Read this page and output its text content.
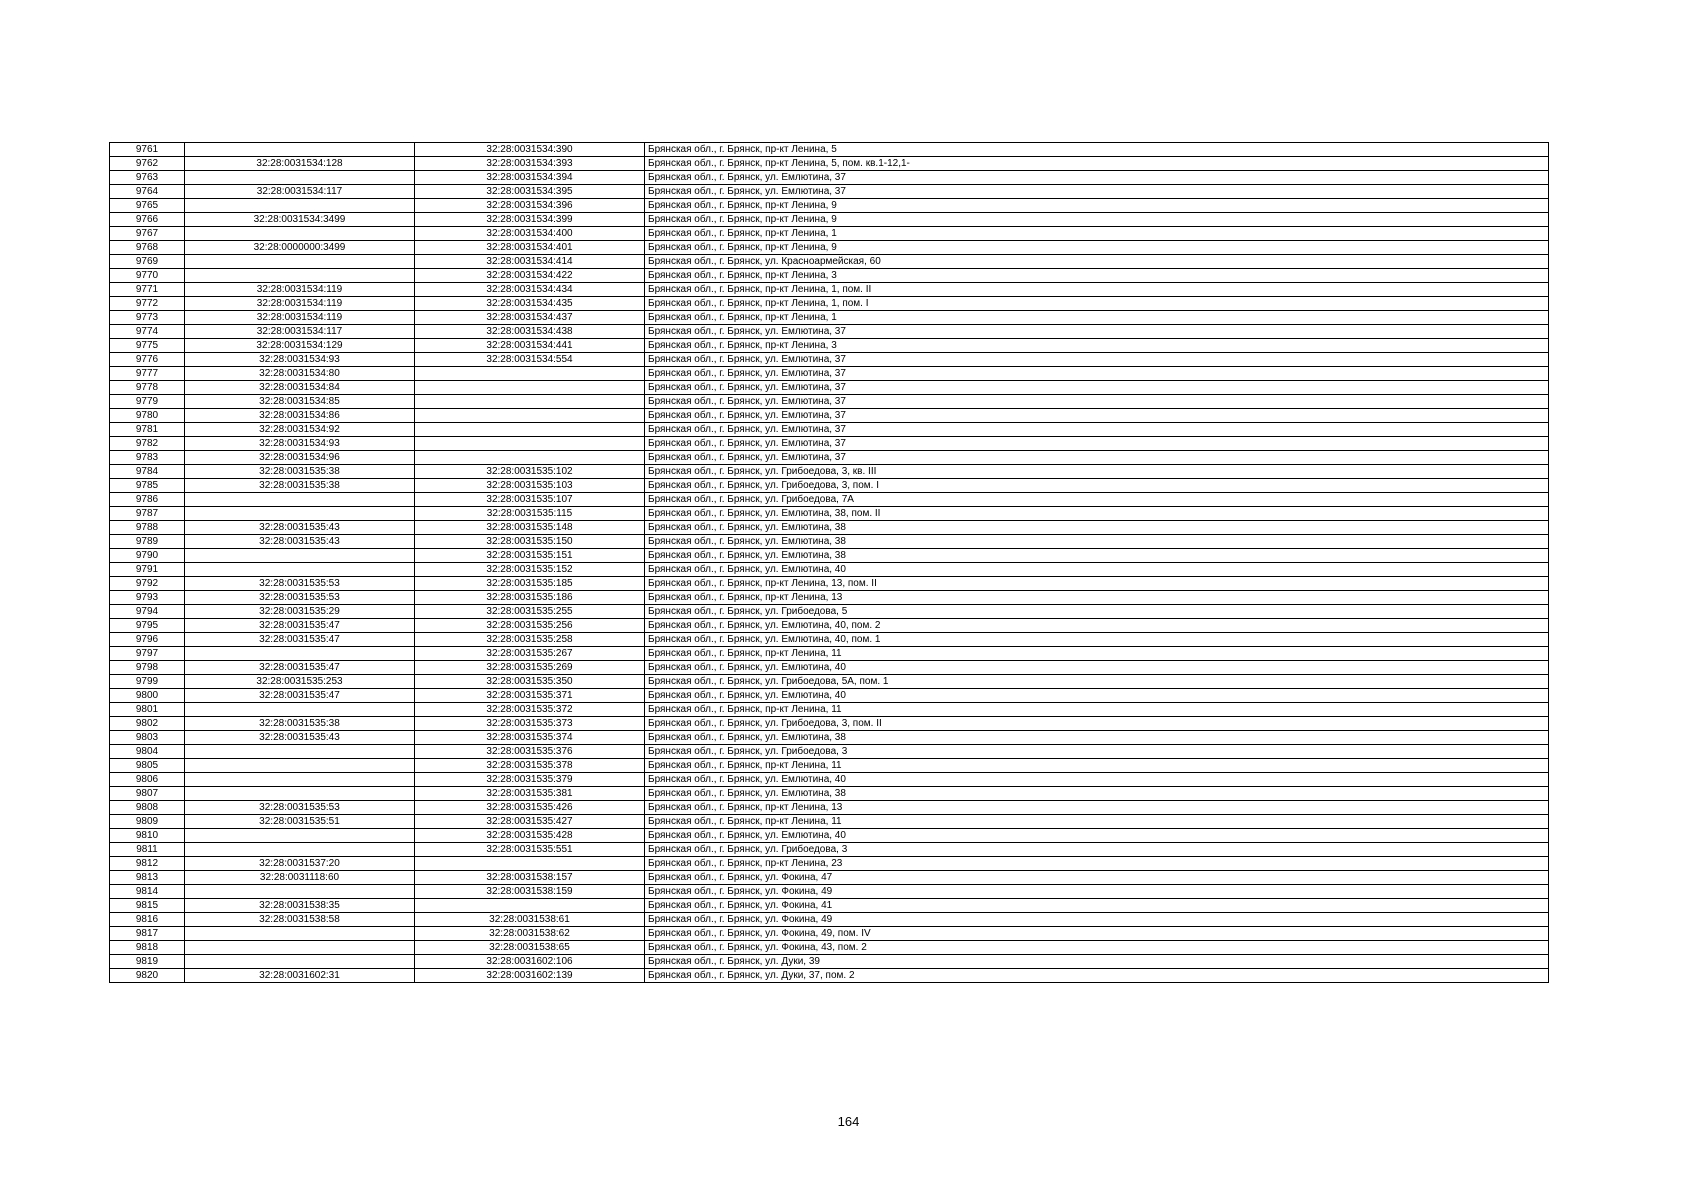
9761		32:28:0031534:390	Брянская обл., г. Брянск, пр-кт Ленина, 5
9762	32:28:0031534:128	32:28:0031534:393	Брянская обл., г. Брянск, пр-кт Ленина, 5, пом. кв.1-12,1-
9763		32:28:0031534:394	Брянская обл., г. Брянск, ул. Емлютина, 37
9764	32:28:0031534:117	32:28:0031534:395	Брянская обл., г. Брянск, ул. Емлютина, 37
9765		32:28:0031534:396	Брянская обл., г. Брянск, пр-кт Ленина, 9
9766	32:28:0031534:3499	32:28:0031534:399	Брянская обл., г. Брянск, пр-кт Ленина, 9
9767		32:28:0031534:400	Брянская обл., г. Брянск, пр-кт Ленина, 1
9768	32:28:0000000:3499	32:28:0031534:401	Брянская обл., г. Брянск, пр-кт Ленина, 9
9769		32:28:0031534:414	Брянская обл., г. Брянск, ул. Красноармейская, 60
9770		32:28:0031534:422	Брянская обл., г. Брянск, пр-кт Ленина, 3
9771	32:28:0031534:119	32:28:0031534:434	Брянская обл., г. Брянск, пр-кт Ленина, 1, пом. II
9772	32:28:0031534:119	32:28:0031534:435	Брянская обл., г. Брянск, пр-кт Ленина, 1, пом. I
9773	32:28:0031534:119	32:28:0031534:437	Брянская обл., г. Брянск, пр-кт Ленина, 1
9774	32:28:0031534:117	32:28:0031534:438	Брянская обл., г. Брянск, ул. Емлютина, 37
9775	32:28:0031534:129	32:28:0031534:441	Брянская обл., г. Брянск, пр-кт Ленина, 3
9776	32:28:0031534:93	32:28:0031534:554	Брянская обл., г. Брянск, ул. Емлютина, 37
9777	32:28:0031534:80		Брянская обл., г. Брянск, ул. Емлютина, 37
9778	32:28:0031534:84		Брянская обл., г. Брянск, ул. Емлютина, 37
9779	32:28:0031534:85		Брянская обл., г. Брянск, ул. Емлютина, 37
9780	32:28:0031534:86		Брянская обл., г. Брянск, ул. Емлютина, 37
9781	32:28:0031534:92		Брянская обл., г. Брянск, ул. Емлютина, 37
9782	32:28:0031534:93		Брянская обл., г. Брянск, ул. Емлютина, 37
9783	32:28:0031534:96		Брянская обл., г. Брянск, ул. Емлютина, 37
9784	32:28:0031535:38	32:28:0031535:102	Брянская обл., г. Брянск, ул. Грибоедова, 3, кв. III
9785	32:28:0031535:38	32:28:0031535:103	Брянская обл., г. Брянск, ул. Грибоедова, 3, пом. I
9786		32:28:0031535:107	Брянская обл., г. Брянск, ул. Грибоедова, 7А
9787		32:28:0031535:115	Брянская обл., г. Брянск, ул. Емлютина, 38, пом. II
9788	32:28:0031535:43	32:28:0031535:148	Брянская обл., г. Брянск, ул. Емлютина, 38
9789	32:28:0031535:43	32:28:0031535:150	Брянская обл., г. Брянск, ул. Емлютина, 38
9790		32:28:0031535:151	Брянская обл., г. Брянск, ул. Емлютина, 38
9791		32:28:0031535:152	Брянская обл., г. Брянск, ул. Емлютина, 40
9792	32:28:0031535:53	32:28:0031535:185	Брянская обл., г. Брянск, пр-кт Ленина, 13, пом. II
9793	32:28:0031535:53	32:28:0031535:186	Брянская обл., г. Брянск, пр-кт Ленина, 13
9794	32:28:0031535:29	32:28:0031535:255	Брянская обл., г. Брянск, ул. Грибоедова, 5
9795	32:28:0031535:47	32:28:0031535:256	Брянская обл., г. Брянск, ул. Емлютина, 40, пом. 2
9796	32:28:0031535:47	32:28:0031535:258	Брянская обл., г. Брянск, ул. Емлютина, 40, пом. 1
9797		32:28:0031535:267	Брянская обл., г. Брянск, пр-кт Ленина, 11
9798	32:28:0031535:47	32:28:0031535:269	Брянская обл., г. Брянск, ул. Емлютина, 40
9799	32:28:0031535:253	32:28:0031535:350	Брянская обл., г. Брянск, ул. Грибоедова, 5А, пом. 1
9800	32:28:0031535:47	32:28:0031535:371	Брянская обл., г. Брянск, ул. Емлютина, 40
9801		32:28:0031535:372	Брянская обл., г. Брянск, пр-кт Ленина, 11
9802	32:28:0031535:38	32:28:0031535:373	Брянская обл., г. Брянск, ул. Грибоедова, 3, пом. II
9803	32:28:0031535:43	32:28:0031535:374	Брянская обл., г. Брянск, ул. Емлютина, 38
9804		32:28:0031535:376	Брянская обл., г. Брянск, ул. Грибоедова, 3
9805		32:28:0031535:378	Брянская обл., г. Брянск, пр-кт Ленина, 11
9806		32:28:0031535:379	Брянская обл., г. Брянск, ул. Емлютина, 40
9807		32:28:0031535:381	Брянская обл., г. Брянск, ул. Емлютина, 38
9808	32:28:0031535:53	32:28:0031535:426	Брянская обл., г. Брянск, пр-кт Ленина, 13
9809	32:28:0031535:51	32:28:0031535:427	Брянская обл., г. Брянск, пр-кт Ленина, 11
9810		32:28:0031535:428	Брянская обл., г. Брянск, ул. Емлютина, 40
9811		32:28:0031535:551	Брянская обл., г. Брянск, ул. Грибоедова, 3
9812	32:28:0031537:20		Брянская обл., г. Брянск, пр-кт Ленина, 23
9813	32:28:0031118:60	32:28:0031538:157	Брянская обл., г. Брянск, ул. Фокина, 47
9814		32:28:0031538:159	Брянская обл., г. Брянск, ул. Фокина, 49
9815	32:28:0031538:35		Брянская обл., г. Брянск, ул. Фокина, 41
9816	32:28:0031538:58	32:28:0031538:61	Брянская обл., г. Брянск, ул. Фокина, 49
9817		32:28:0031538:62	Брянская обл., г. Брянск, ул. Фокина, 49, пом. IV
9818		32:28:0031538:65	Брянская обл., г. Брянск, ул. Фокина, 43, пом. 2
9819		32:28:0031602:106	Брянская обл., г. Брянск, ул. Дуки, 39
9820	32:28:0031602:31	32:28:0031602:139	Брянская обл., г. Брянск, ул. Дуки, 37, пом. 2
164
